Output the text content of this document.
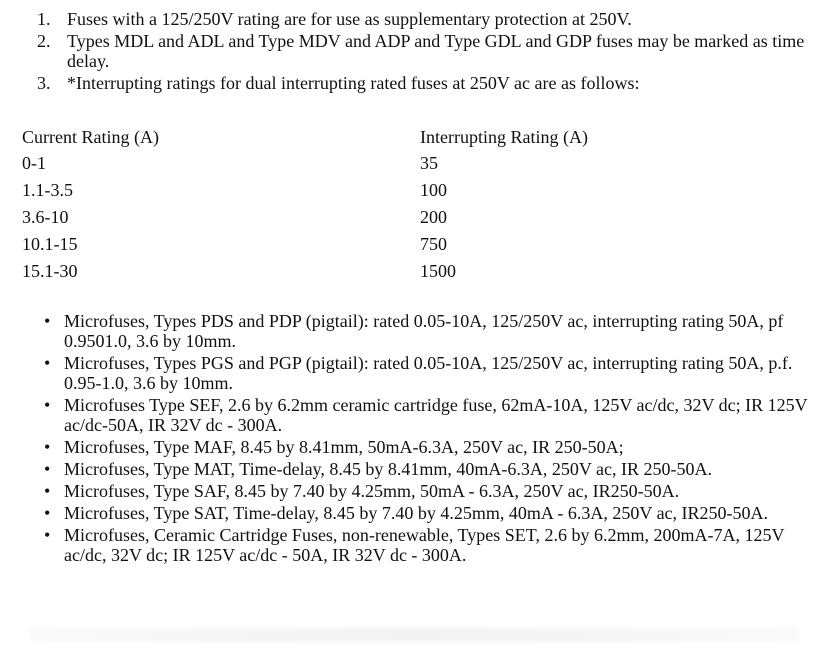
1. Fuses with a 125/250V rating are for use as supplementary protection at 250V.

2. Types MDL and ADL and Type MDV and ADP and Type GDL and GDP fuses may be marked as time delay.

3. *Interrupting ratings for dual interrupting rated fuses at 250V ac are as follows:

Current Rating (A)	Interrupting Rating (A)
0-1	35
1.1-3.5	100
3.6-10	200
10.1-15	750
15.1-30	1500
• Microfuses, Types PDS and PDP (pigtail): rated 0.05-10A, 125/250V ac, interrupting rating 50A, pf 0.9501.0, 3.6 by 10mm.
• Microfuses, Types PGS and PGP (pigtail): rated 0.05-10A, 125/250V ac, interrupting rating 50A, p.f. 0.95-1.0, 3.6 by 10mm.
• Microfuses Type SEF, 2.6 by 6.2mm ceramic cartridge fuse, 62mA-10A, 125V ac/dc, 32V dc; IR 125V ac/dc-50A, IR 32V dc - 300A.
• Microfuses, Type MAF, 8.45 by 8.41mm, 50mA-6.3A, 250V ac, IR 250-50A;
• Microfuses, Type MAT, Time-delay, 8.45 by 8.41mm, 40mA-6.3A, 250V ac, IR 250-50A.
• Microfuses, Type SAF, 8.45 by 7.40 by 4.25mm, 50mA - 6.3A, 250V ac, IR250-50A.
• Microfuses, Type SAT, Time-delay, 8.45 by 7.40 by 4.25mm, 40mA - 6.3A, 250V ac, IR250-50A.
• Microfuses, Ceramic Cartridge Fuses, non-renewable, Types SET, 2.6 by 6.2mm, 200mA-7A, 125V ac/dc, 32V dc; IR 125V ac/dc - 50A, IR 32V dc - 300A.
